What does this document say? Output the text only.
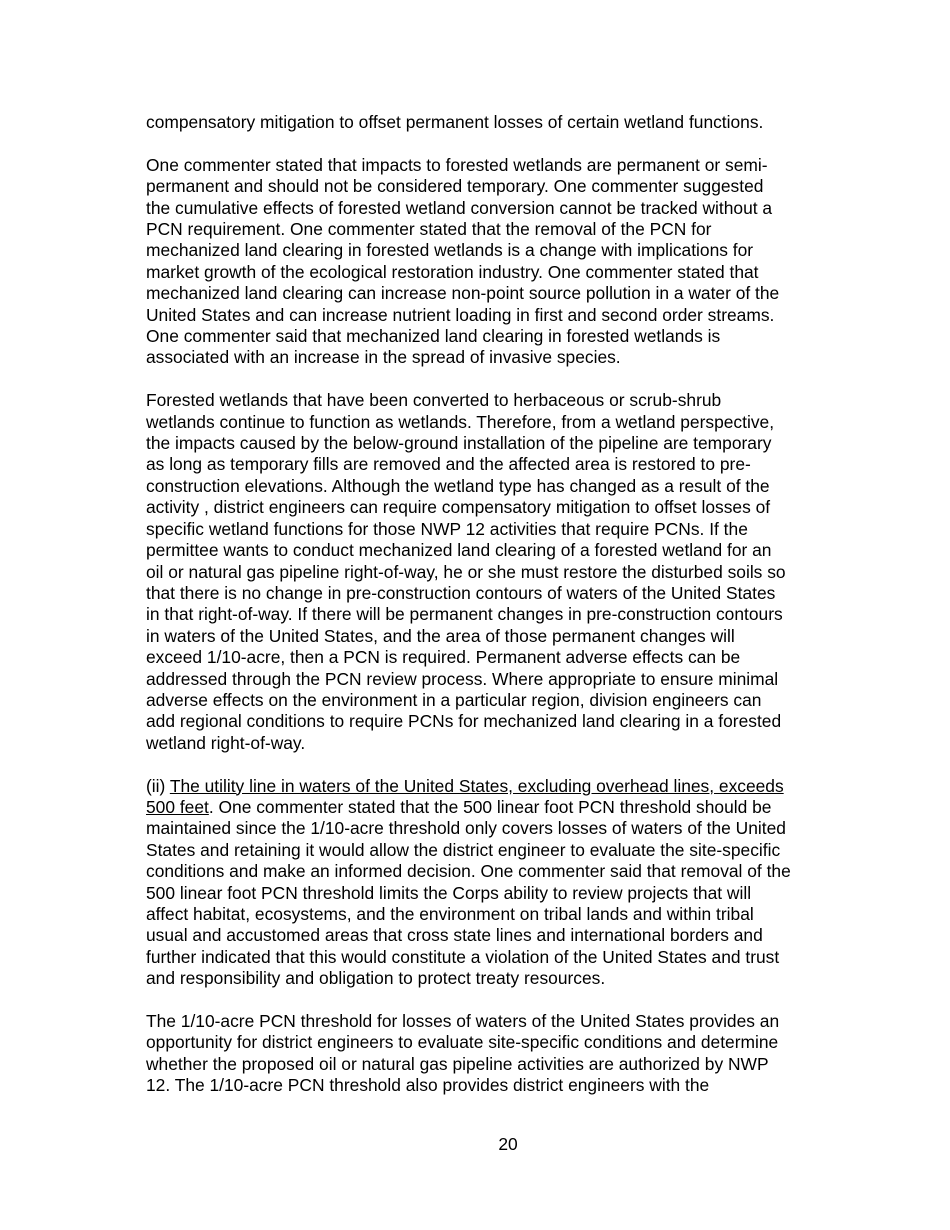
compensatory mitigation to offset permanent losses of certain wetland functions.

One commenter stated that impacts to forested wetlands are permanent or semi-
permanent and should not be considered temporary. One commenter suggested
the cumulative effects of forested wetland conversion cannot be tracked without a
PCN requirement. One commenter stated that the removal of the PCN for
mechanized land clearing in forested wetlands is a change with implications for
market growth of the ecological restoration industry. One commenter stated that
mechanized land clearing can increase non-point source pollution in a water of the
United States and can increase nutrient loading in first and second order streams.
One commenter said that mechanized land clearing in forested wetlands is
associated with an increase in the spread of invasive species.

Forested wetlands that have been converted to herbaceous or scrub-shrub
wetlands continue to function as wetlands. Therefore, from a wetland perspective,
the impacts caused by the below-ground installation of the pipeline are temporary
as long as temporary fills are removed and the affected area is restored to pre-
construction elevations. Although the wetland type has changed as a result of the
activity , district engineers can require compensatory mitigation to offset losses of
specific wetland functions for those NWP 12 activities that require PCNs. If the
permittee wants to conduct mechanized land clearing of a forested wetland for an
oil or natural gas pipeline right-of-way, he or she must restore the disturbed soils so
that there is no change in pre-construction contours of waters of the United States
in that right-of-way. If there will be permanent changes in pre-construction contours
in waters of the United States, and the area of those permanent changes will
exceed 1/10-acre, then a PCN is required. Permanent adverse effects can be
addressed through the PCN review process. Where appropriate to ensure minimal
adverse effects on the environment in a particular region, division engineers can
add regional conditions to require PCNs for mechanized land clearing in a forested
wetland right-of-way.

(ii) The utility line in waters of the United States, excluding overhead lines, exceeds
500 feet. One commenter stated that the 500 linear foot PCN threshold should be
maintained since the 1/10-acre threshold only covers losses of waters of the United
States and retaining it would allow the district engineer to evaluate the site-specific
conditions and make an informed decision. One commenter said that removal of the
500 linear foot PCN threshold limits the Corps ability to review projects that will
affect habitat, ecosystems, and the environment on tribal lands and within tribal
usual and accustomed areas that cross state lines and international borders and
further indicated that this would constitute a violation of the United States and trust
and responsibility and obligation to protect treaty resources.

The 1/10-acre PCN threshold for losses of waters of the United States provides an
opportunity for district engineers to evaluate site-specific conditions and determine
whether the proposed oil or natural gas pipeline activities are authorized by NWP
12. The 1/10-acre PCN threshold also provides district engineers with the

20
